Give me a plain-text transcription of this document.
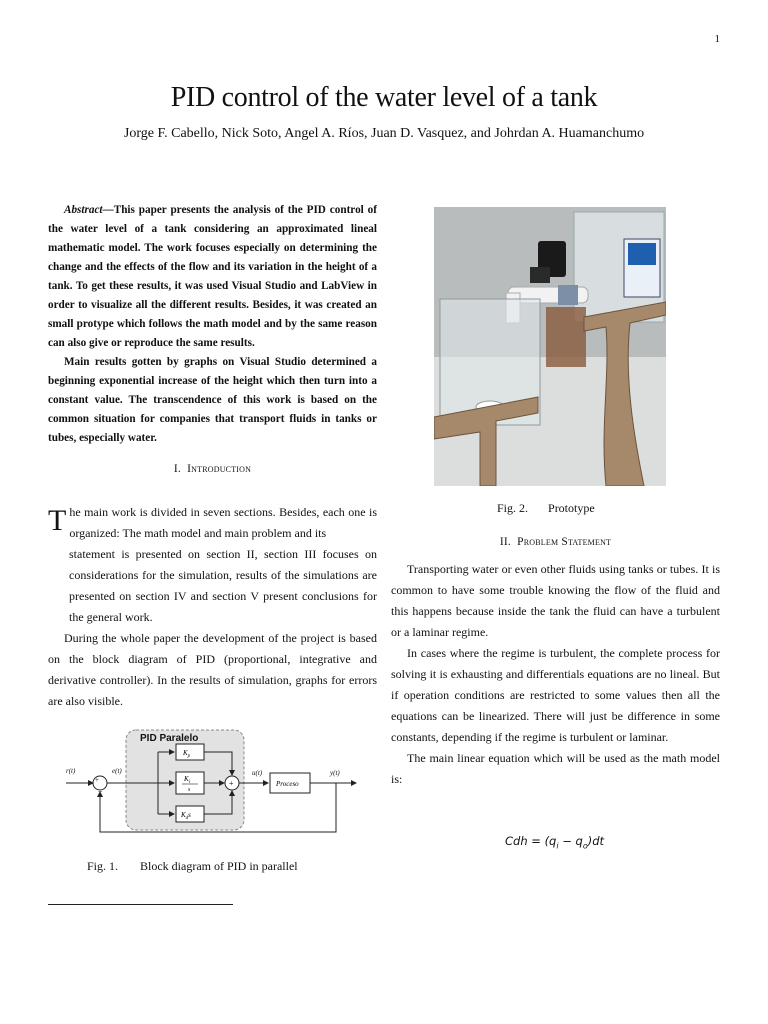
1
PID control of the water level of a tank
Jorge F. Cabello, Nick Soto, Angel A. Ríos, Juan D. Vasquez, and Johrdan A. Huamanchumo

Abstract—This paper presents the analysis of the PID control of the water level of a tank considering an approximated lineal mathematic model. The work focuses especially on determining the change and the effects of the flow and its variation in the height of a tank. To get these results, it was used Visual Studio and LabView in order to visualize all the different results. Besides, it was created an small protype which follows the math model and by the same reason can also give or reproduce the same results.

Main results gotten by graphs on Visual Studio determined a beginning exponential increase of the height which then turn into a constant value. The transcendence of this work is based on the common situation for companies that transport fluids in tanks or tubes, especially water.

I. Introduction

The main work is divided in seven sections. Besides, each one is organized: The math model and main problem and its

statement is presented on section II, section III focuses on considerations for the simulation, results of the simulations are presented on section IV and section V present conclusions for the general work.

During the whole paper the development of the project is based on the block diagram of PID (proportional, integrative and derivative controller). In the results of simulation, graphs for errors are also visible.

PID Paralelo
r(t)	e(t)	u(t)	y(t)
+
−
$K_p$
$K_i$
s
$K_ds$
+	Proceso
Fig. 1. Block diagram of PID in parallel
Fig. 2. Prototype
II. Problem Statement

Transporting water or even other fluids using tanks or tubes. It is common to have some trouble knowing the flow of the fluid and this happens because inside the tank the fluid can have a turbulent or a laminar regime.

In cases where the regime is turbulent, the complete process for solving it is exhausting and differentials equations are no lineal. But if operation conditions are restricted to some values then all the equations can be linearized. There will just be difference in some constants, depending if the regime is turbulent or laminar.

The main linear equation which will be used as the math model is:

Cdh = $(q_i - q_o)dt$
